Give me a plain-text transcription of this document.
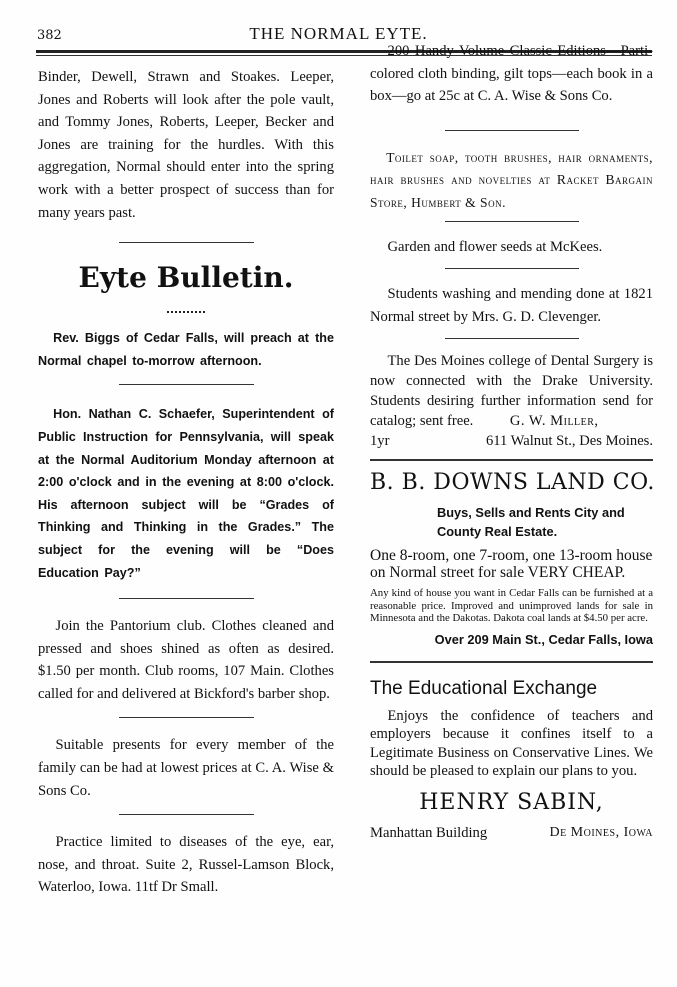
382	THE NORMAL EYTE.

Binder, Dewell, Strawn and Stoakes. Leeper, Jones and Roberts will look after the pole vault, and Tommy Jones, Roberts, Leeper, Becker and Jones are training for the hurdles. With this aggregation, Normal should enter into the spring work with a better prospect of success than for many years past.

Eyte Bulletin.

Rev. Biggs of Cedar Falls, will preach at the Normal chapel to-morrow afternoon.

Hon. Nathan C. Schaefer, Superintendent of Public Instruction for Pennsylvania, will speak at the Normal Auditorium Monday afternoon at 2:00 o'clock and in the evening at 8:00 o'clock. His afternoon subject will be “Grades of Thinking and Thinking in the Grades.” The subject for the evening will be “Does Education Pay?”

Join the Pantorium club. Clothes cleaned and pressed and shoes shined as often as desired. $1.50 per month. Club rooms, 107 Main. Clothes called for and delivered at Bickford's barber shop.

Suitable presents for every member of the family can be had at lowest prices at C. A. Wise & Sons Co.

Practice limited to diseases of the eye, ear, nose, and throat. Suite 2, Russel-Lamson Block, Waterloo, Iowa. 11tf Dr Small.

200 Handy Volume Classic Editions—Parti-colored cloth binding, gilt tops—each book in a box—go at 25c at C. A. Wise & Sons Co.

Toilet soap, tooth brushes, hair ornaments, hair brushes and novelties at Racket Bargain Store, Humbert & Son.

Garden and flower seeds at McKees.

Students washing and mending done at 1821 Normal street by Mrs. G. D. Clevenger.

The Des Moines college of Dental Surgery is now connected with the Drake University. Students desiring further information send for catalog; sent free.	G. W. Miller,

1yr	611 Walnut St., Des Moines.
B. B. DOWNS LAND CO.
Buys, Sells and Rents City and County Real Estate.
One 8-room, one 7-room, one 13-room house on Normal street for sale VERY CHEAP.
Any kind of house you want in Cedar Falls can be furnished at a reasonable price. Improved and unimproved lands for sale in Minnesota and the Dakotas. Dakota coal lands at $4.50 per acre.
Over 209 Main St., Cedar Falls, Iowa
The Educational Exchange

Enjoys the confidence of teachers and employers because it confines itself to a Legitimate Business on Conservative Lines. We should be pleased to explain our plans to you.

HENRY SABIN,
Manhattan Building	De Moines, Iowa
